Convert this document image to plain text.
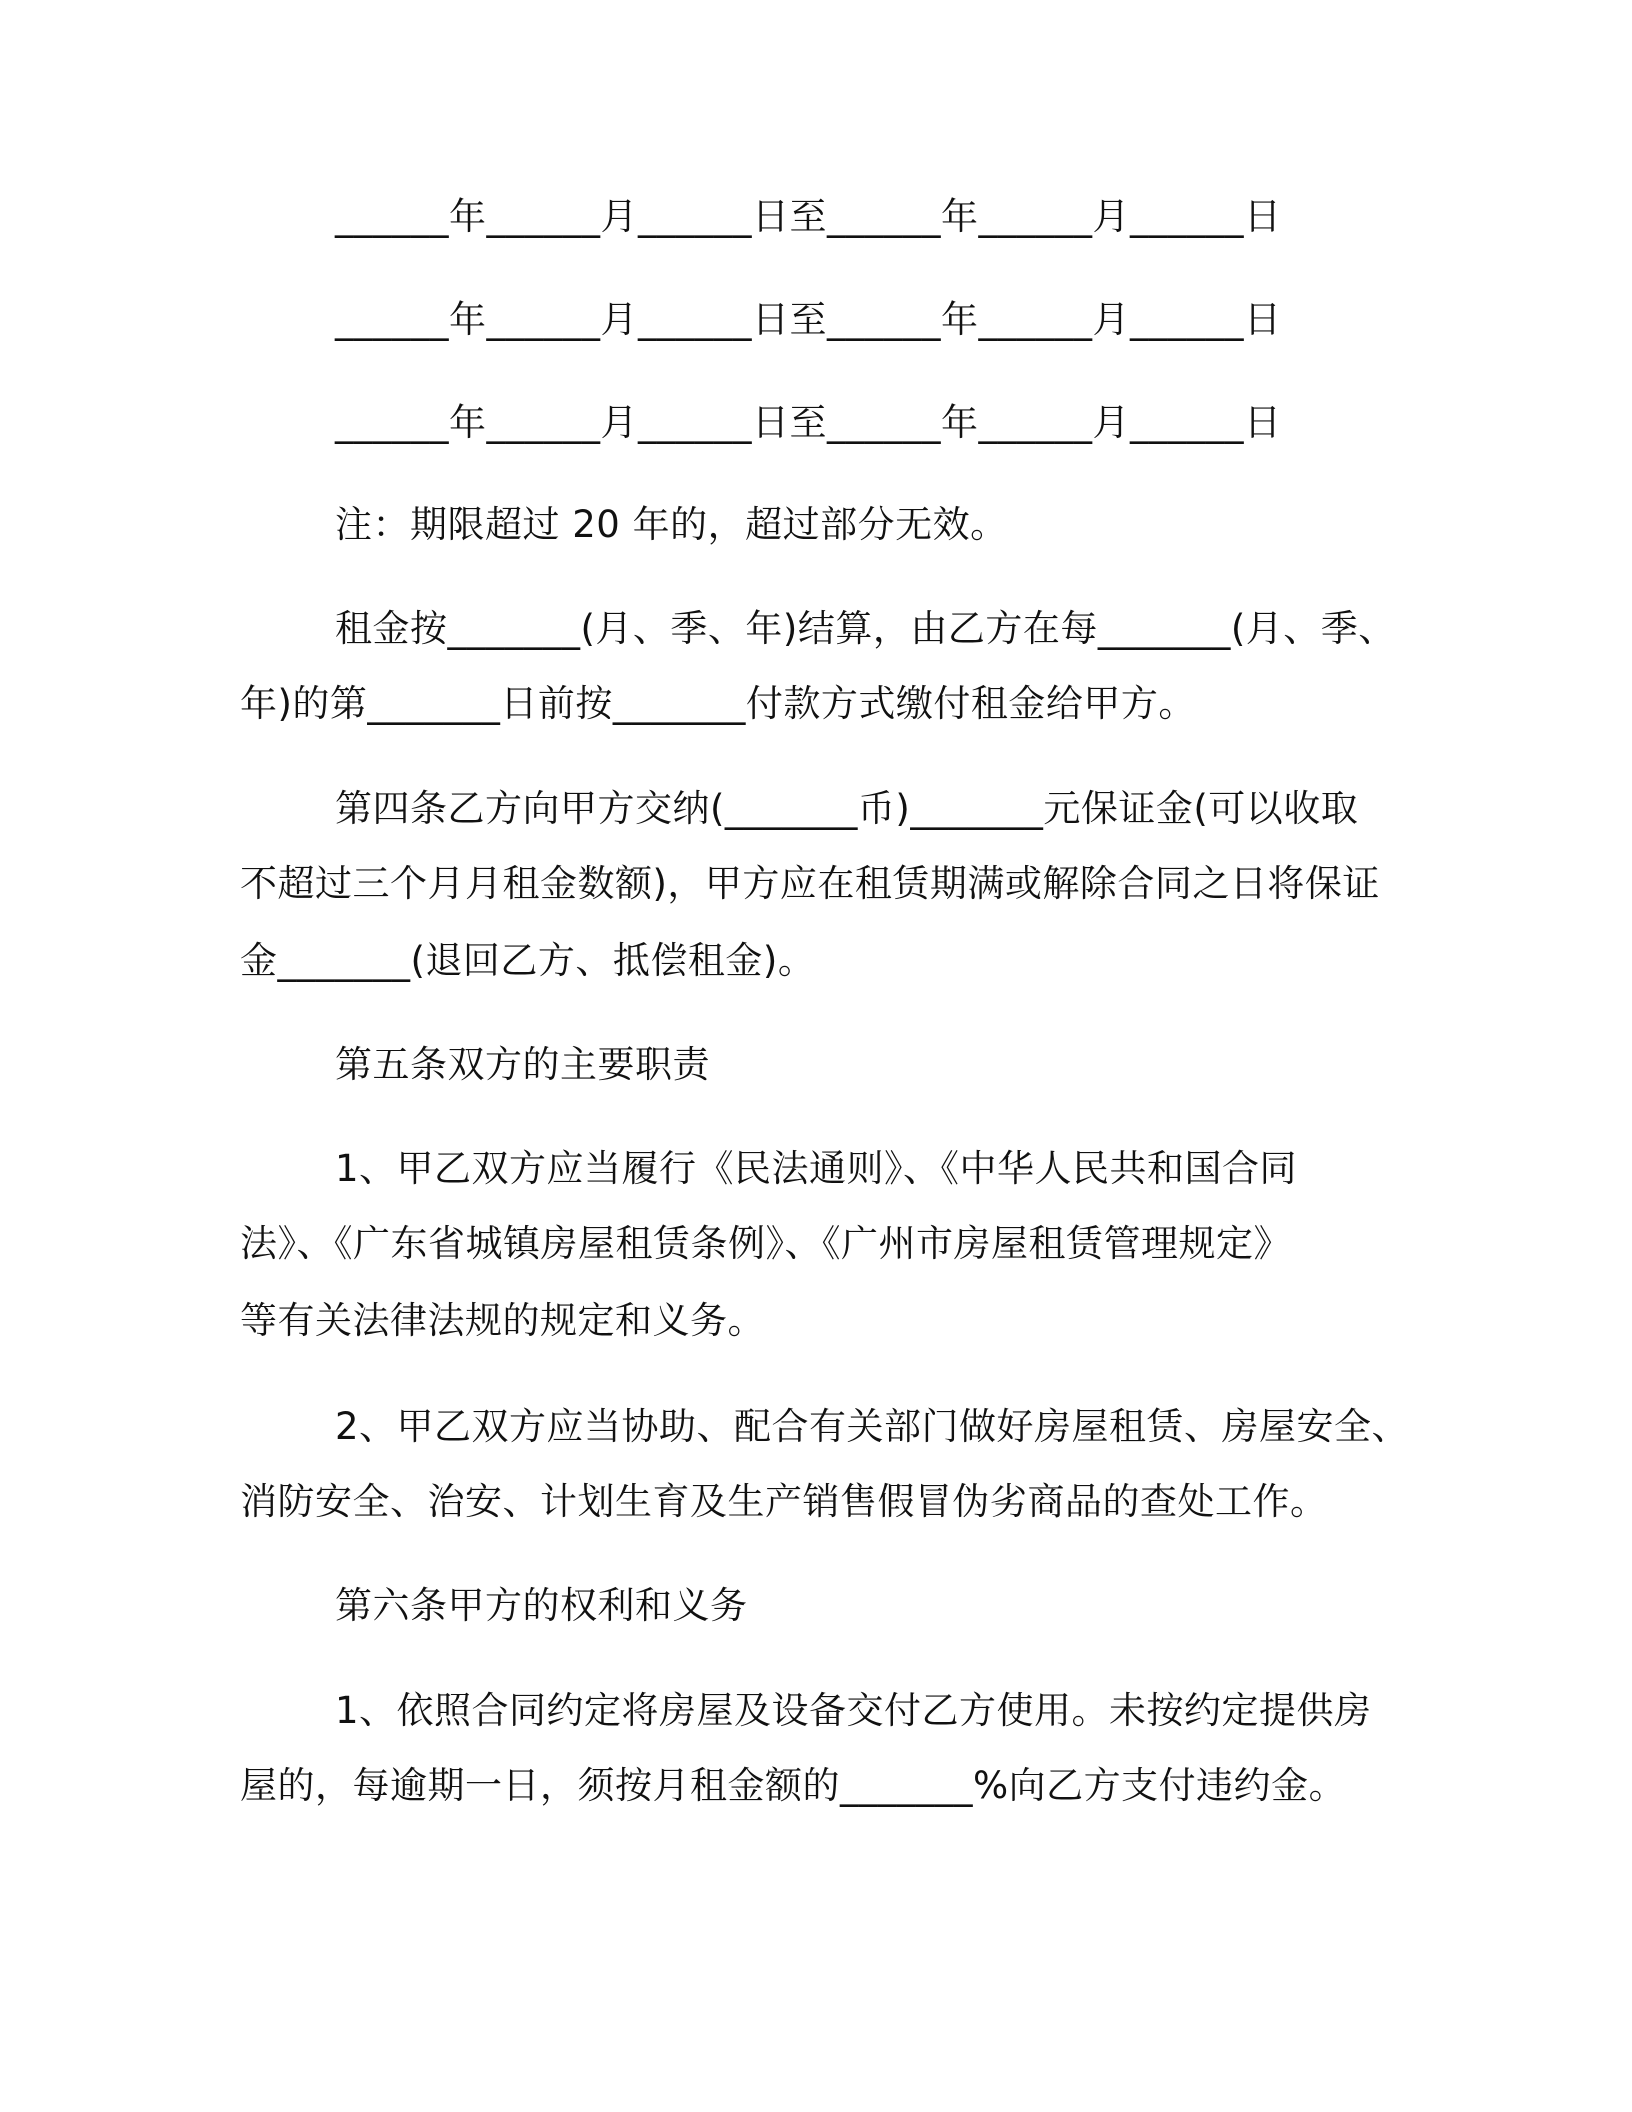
______年______月______日至______年______月______日
______年______月______日至______年______月______日
______年______月______日至______年______月______日
注：期限超过 20 年的，超过部分无效。
租金按_______(月、季、年)结算，由乙方在每_______(月、季、
年)的第_______日前按_______付款方式缴付租金给甲方。
第四条乙方向甲方交纳(_______币)_______元保证金(可以收取
不超过三个月月租金数额)，甲方应在租赁期满或解除合同之日将保证
金_______(退回乙方、抵偿租金)。
第五条双方的主要职责
1、甲乙双方应当履行《民法通则》、《中华人民共和国合同
法》、《广东省城镇房屋租赁条例》、《广州市房屋租赁管理规定》
等有关法律法规的规定和义务。
2、甲乙双方应当协助、配合有关部门做好房屋租赁、房屋安全、
消防安全、治安、计划生育及生产销售假冒伪劣商品的查处工作。
第六条甲方的权利和义务
1、依照合同约定将房屋及设备交付乙方使用。未按约定提供房
屋的，每逾期一日，须按月租金额的_______%向乙方支付违约金。
